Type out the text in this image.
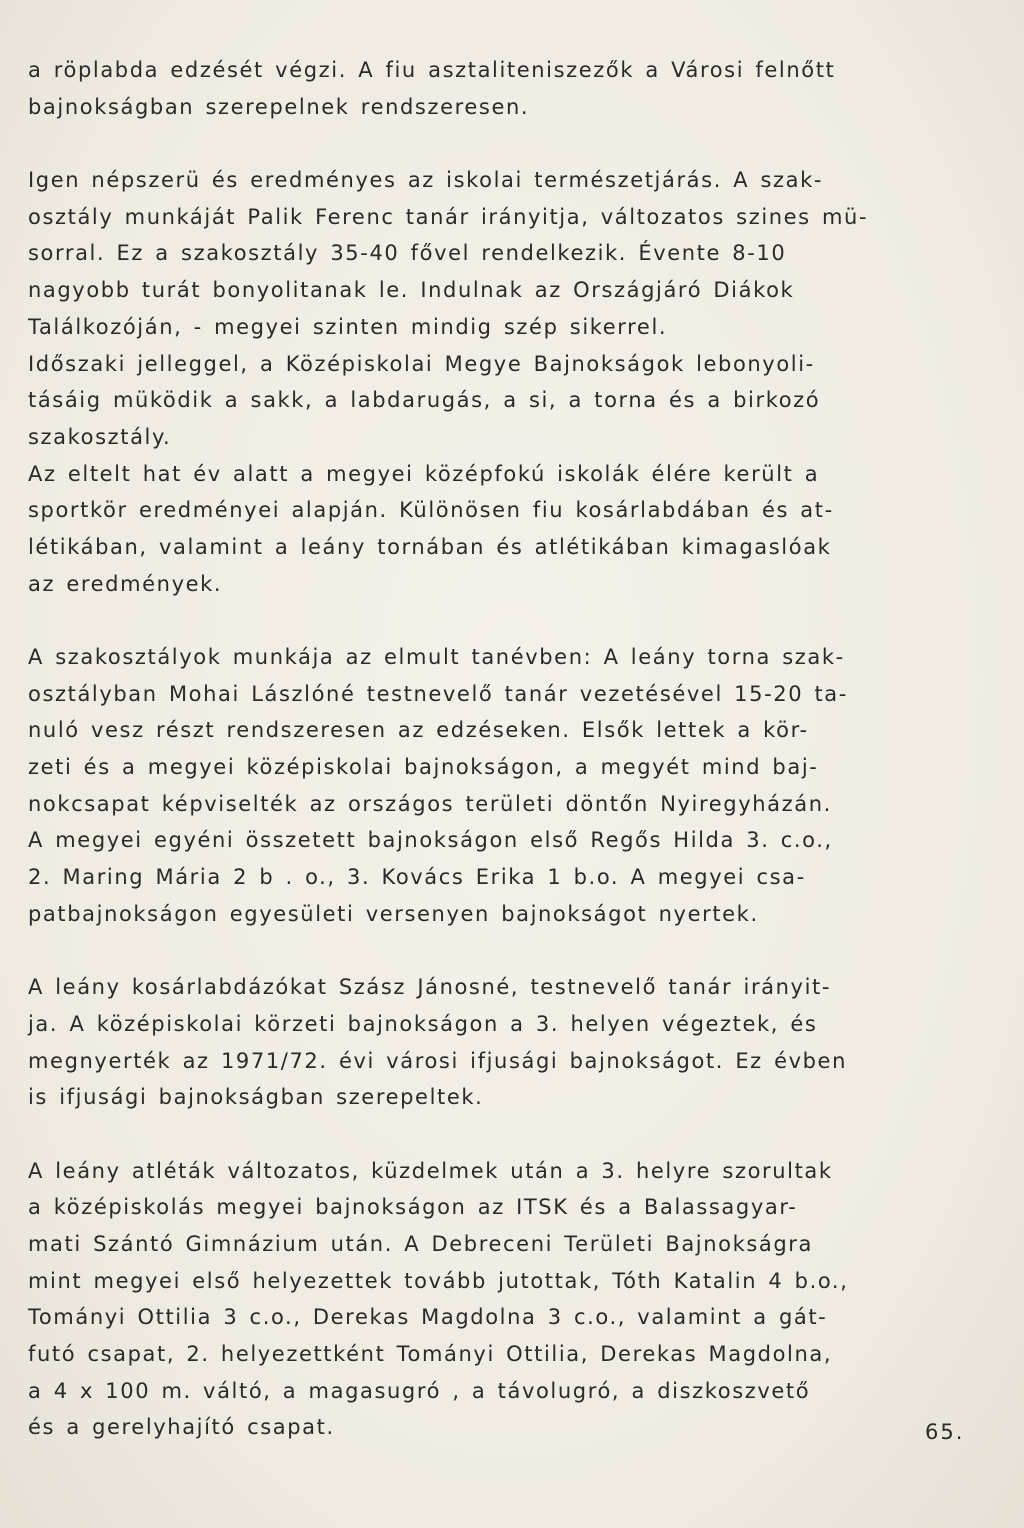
a röplabda edzését végzi. A fiu asztaliteniszezők a Városi felnőtt
bajnokságban szerepelnek rendszeresen.
Igen népszerü és eredményes az iskolai természetjárás. A szak-
osztály munkáját Palik Ferenc tanár irányitja, változatos szines mü-
sorral. Ez a szakosztály 35-40 fővel rendelkezik. Évente 8-10
nagyobb turát bonyolitanak le. Indulnak az Országjáró Diákok
Találkozóján, - megyei szinten mindig szép sikerrel.
Időszaki jelleggel, a Középiskolai Megye Bajnokságok lebonyoli-
tásáig müködik a sakk, a labdarugás, a si, a torna és a birkozó
szakosztály.
Az eltelt hat év alatt a megyei középfokú iskolák élére került a
sportkör eredményei alapján. Különösen fiu kosárlabdában és at-
létikában, valamint a leány tornában és atlétikában kimagaslóak
az eredmények.
A szakosztályok munkája az elmult tanévben: A leány torna szak-
osztályban Mohai Lászlóné testnevelő tanár vezetésével 15-20 ta-
nuló vesz részt rendszeresen az edzéseken. Elsők lettek a kör-
zeti és a megyei középiskolai bajnokságon, a megyét mind baj-
nokcsapat képviselték az országos területi döntőn Nyiregyházán.
A megyei egyéni összetett bajnokságon első Regős Hilda 3. c.o.,
2. Maring Mária 2 b . o., 3. Kovács Erika 1 b.o. A megyei csa-
patbajnokságon egyesületi versenyen bajnokságot nyertek.
A leány kosárlabdázókat Szász Jánosné, testnevelő tanár irányit-
ja. A középiskolai körzeti bajnokságon a 3. helyen végeztek, és
megnyerték az 1971/72. évi városi ifjusági bajnokságot. Ez évben
is ifjusági bajnokságban szerepeltek.
A leány atléták változatos, küzdelmek után a 3. helyre szorultak
a középiskolás megyei bajnokságon az ITSK és a Balassagyar-
mati Szántó Gimnázium után. A Debreceni Területi Bajnokságra
mint megyei első helyezettek tovább jutottak, Tóth Katalin 4 b.o.,
Tományi Ottilia 3 c.o., Derekas Magdolna 3 c.o., valamint a gát-
futó csapat, 2. helyezettként Tományi Ottilia, Derekas Magdolna,
a 4 x 100 m. váltó, a magasugró , a távolugró, a diszkoszvető
és a gerelyhajító csapat.	65.
